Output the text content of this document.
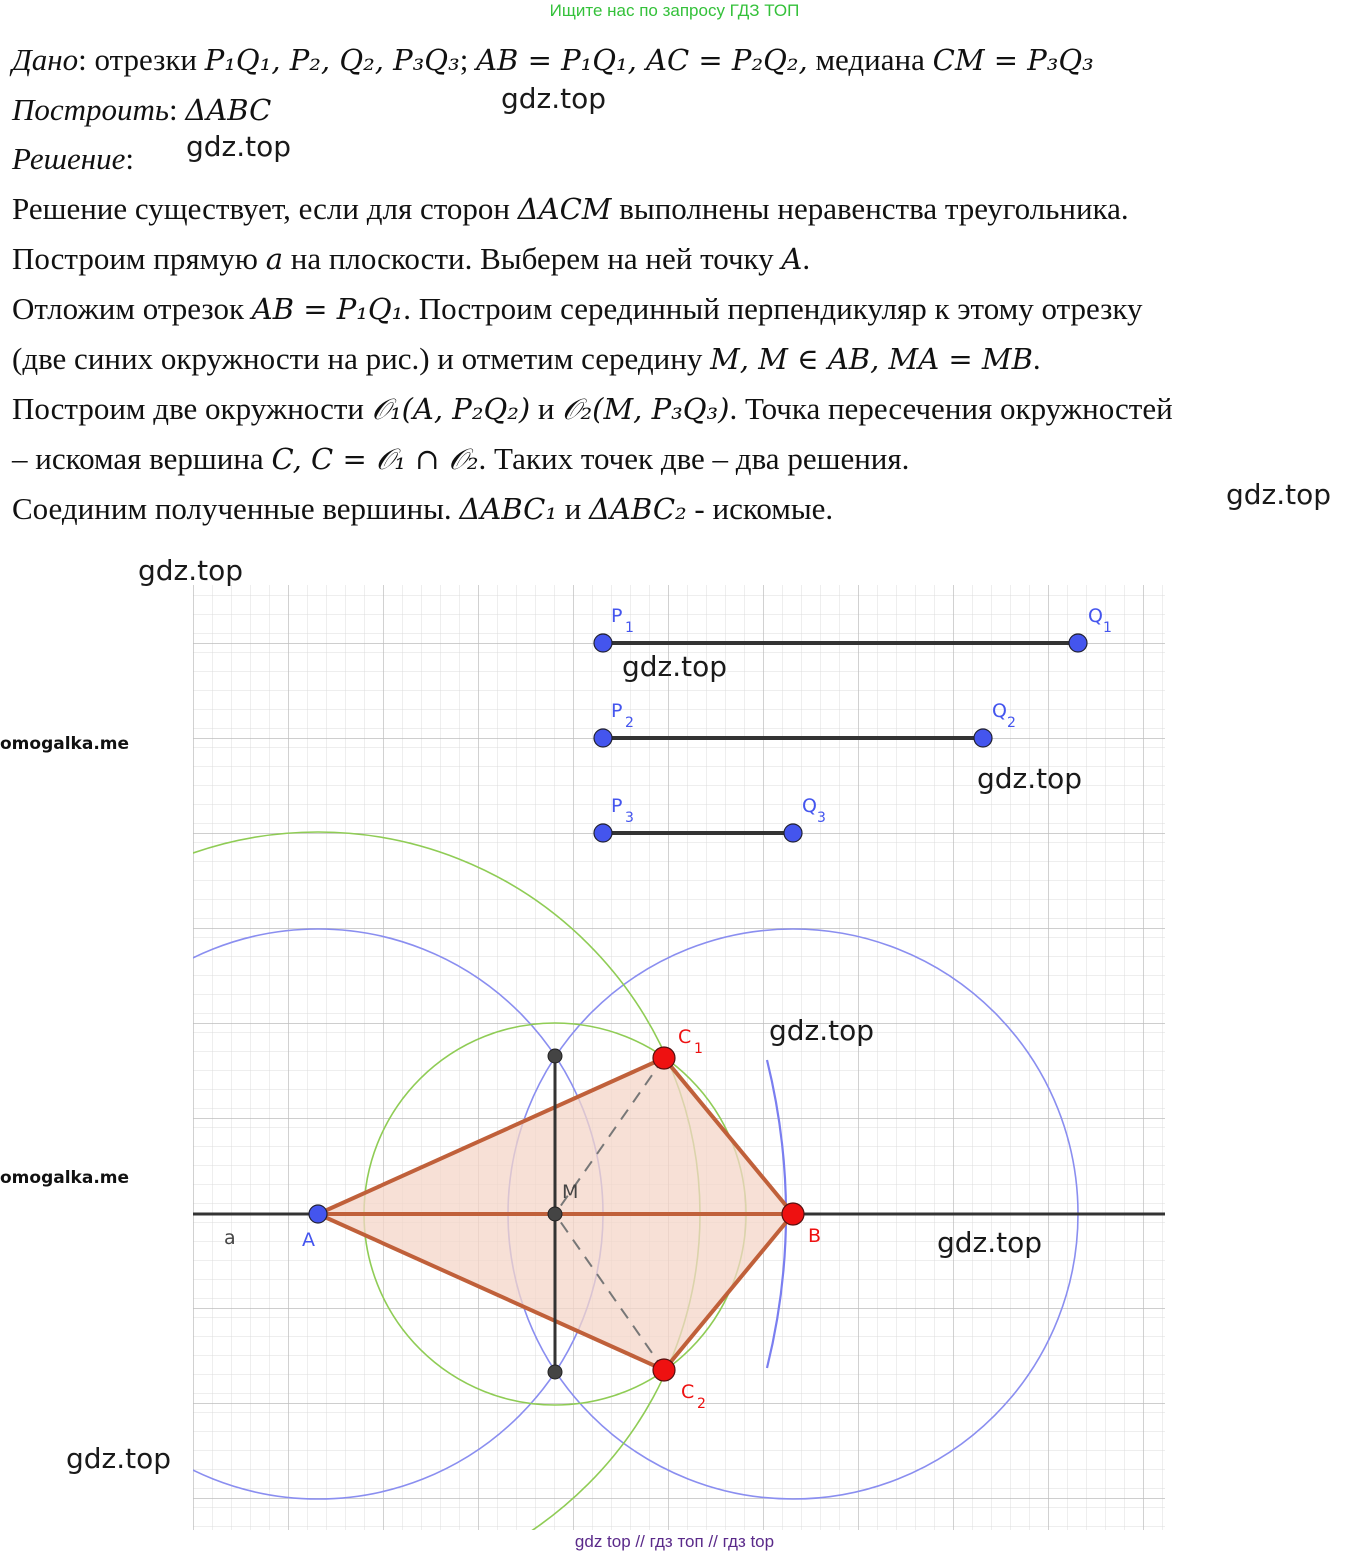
Ищите нас по запросу ГДЗ ТОП
Дано: отрезки P₁Q₁, P₂, Q₂, P₃Q₃; AB = P₁Q₁, AC = P₂Q₂, медиана CM = P₃Q₃
Построить: ΔABC
Решение:
Решение существует, если для сторон ΔACM выполнены неравенства треугольника.
Построим прямую a на плоскости. Выберем на ней точку A.
Отложим отрезок AB = P₁Q₁. Построим серединный перпендикуляр к этому отрезку
(две синих окружности на рис.) и отметим середину M, M ∈ AB, MA = MB.
Построим две окружности 𝒪₁(A, P₂Q₂) и 𝒪₂(M, P₃Q₃). Точка пересечения окружностей
– искомая вершина C, C = 𝒪₁ ∩ 𝒪₂. Таких точек две – два решения.
Соединим полученные вершины. ΔABC₁ и ΔABC₂ - искомые.
P
1
Q
1
P
2
Q
2
P
3
Q
3
A
a	B
M
C
1
C
2
gdz.top
gdz.top
gdz.top
gdz.top
gdz.top
gdz.top
gdz.top
gdz.top
gdz.top
omogalka.me
omogalka.me
gdz top // гдз топ // гдз top
